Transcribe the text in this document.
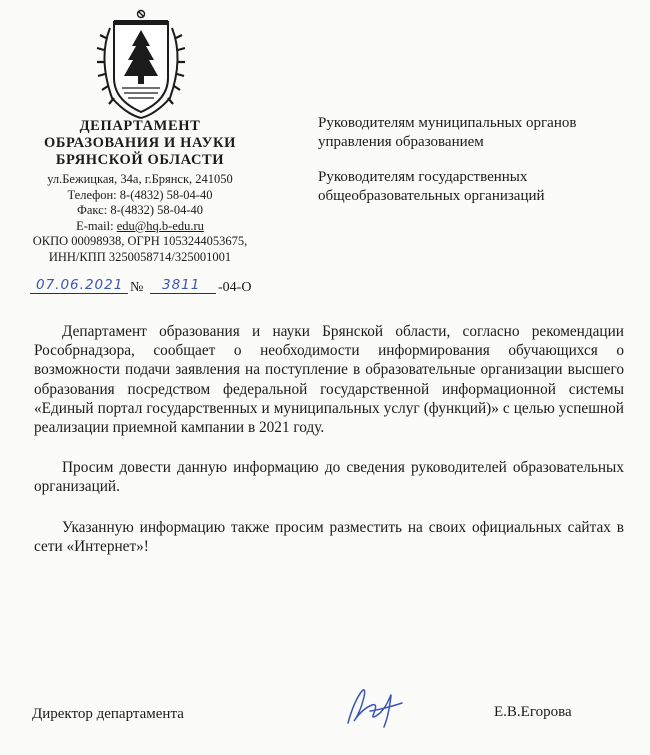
ДЕПАРТАМЕНТ
ОБРАЗОВАНИЯ И НАУКИ
БРЯНСКОЙ ОБЛАСТИ
ул.Бежицкая, 34а, г.Брянск, 241050
Телефон: 8-(4832) 58-04-40
Факс: 8-(4832) 58-04-40
E-mail: edu@hq.b-edu.ru
ОКПО 00098938, ОГРН 1053244053675,
ИНН/КПП 3250058714/325001001
07.06.2021 № 3811 -04-О

Руководителям муниципальных органов управления образованием

Руководителям государственных общеобразовательных организаций

Департамент образования и науки Брянской области, согласно рекомендации Рособрнадзора, сообщает о необходимости информирования обучающихся о возможности подачи заявления на поступление в образовательные организации высшего образования посредством федеральной государственной информационной системы «Единый портал государственных и муниципальных услуг (функций)» с целью успешной реализации приемной кампании в 2021 году.

Просим довести данную информацию до сведения руководителей образовательных организаций.

Указанную информацию также просим разместить на своих официальных сайтах в сети «Интернет»!

Директор департамента	Е.В.Егорова
